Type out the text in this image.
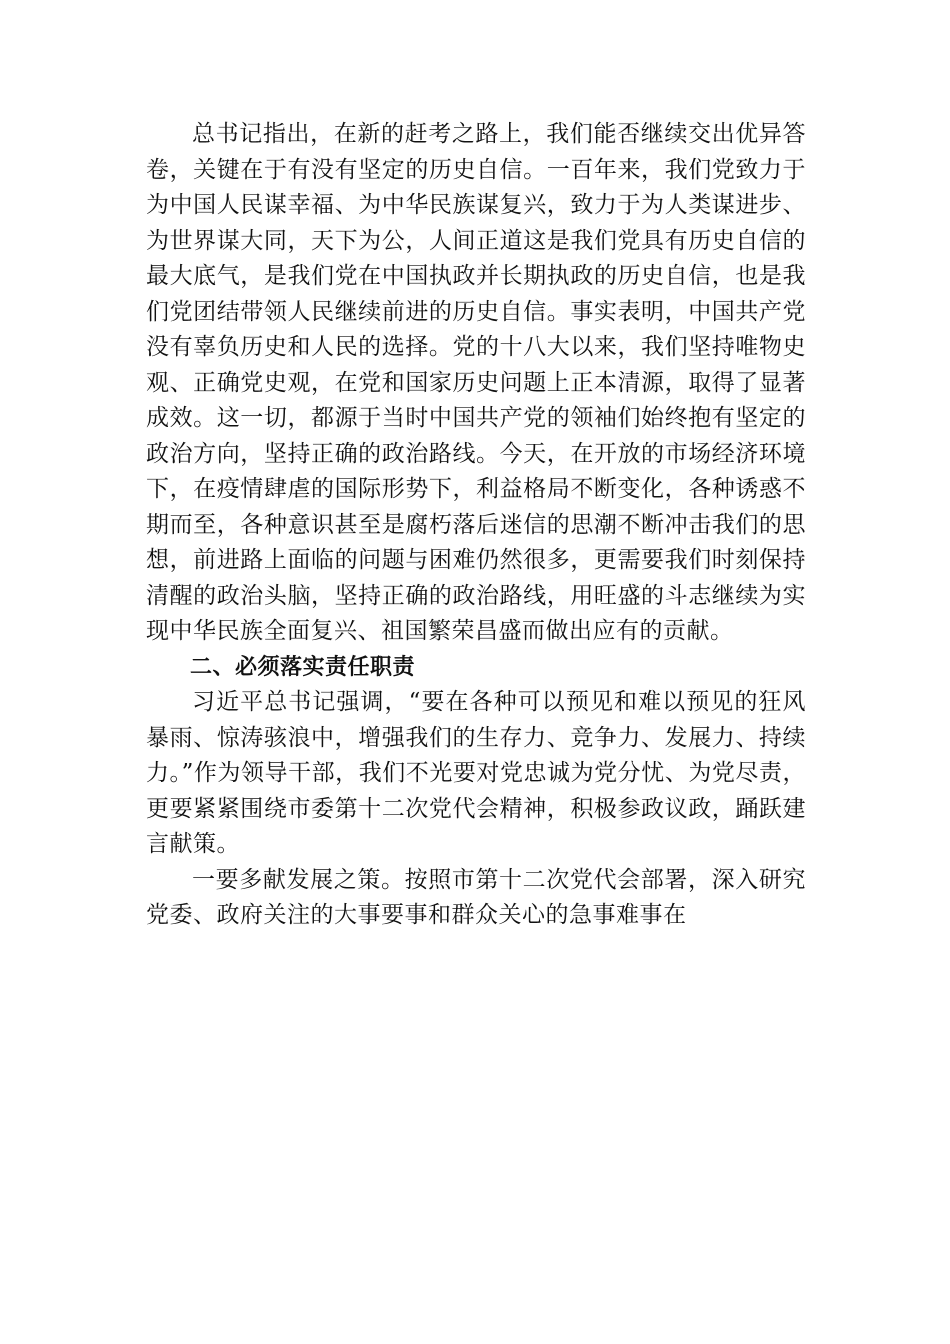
总书记指出，在新的赶考之路上，我们能否继续交出优异答卷，关键在于有没有坚定的历史自信。一百年来，我们党致力于为中国人民谋幸福、为中华民族谋复兴，致力于为人类谋进步、为世界谋大同，天下为公，人间正道这是我们党具有历史自信的最大底气，是我们党在中国执政并长期执政的历史自信，也是我们党团结带领人民继续前进的历史自信。事实表明，中国共产党没有辜负历史和人民的选择。党的十八大以来，我们坚持唯物史观、正确党史观，在党和国家历史问题上正本清源，取得了显著成效。这一切，都源于当时中国共产党的领袖们始终抱有坚定的政治方向，坚持正确的政治路线。今天，在开放的市场经济环境下，在疫情肆虐的国际形势下，利益格局不断变化，各种诱惑不期而至，各种意识甚至是腐朽落后迷信的思潮不断冲击我们的思想，前进路上面临的问题与困难仍然很多，更需要我们时刻保持清醒的政治头脑，坚持正确的政治路线，用旺盛的斗志继续为实现中华民族全面复兴、祖国繁荣昌盛而做出应有的贡献。

二、必须落实责任职责

习近平总书记强调，“要在各种可以预见和难以预见的狂风暴雨、惊涛骇浪中，增强我们的生存力、竞争力、发展力、持续力。”作为领导干部，我们不光要对党忠诚为党分忧、为党尽责，更要紧紧围绕市委第十二次党代会精神，积极参政议政，踊跃建言献策。

一要多献发展之策。按照市第十二次党代会部署，深入研究党委、政府关注的大事要事和群众关心的急事难事在
